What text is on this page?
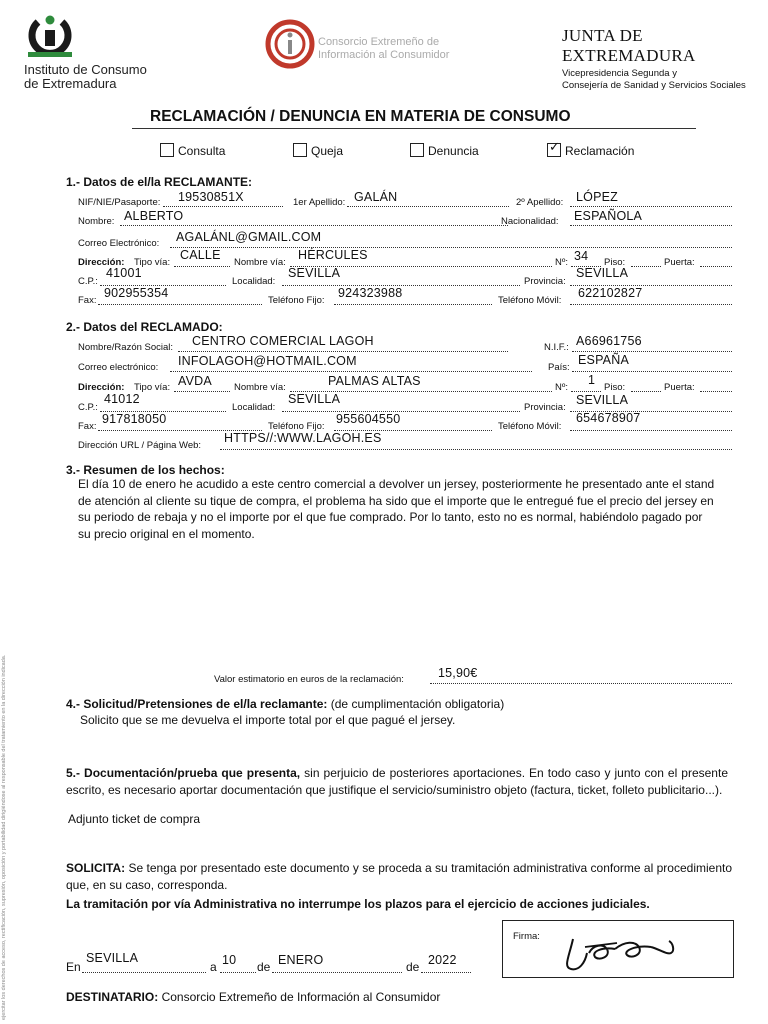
ejercitar los derechos de acceso, rectificación, supresión, oposición y portabilidad dirigiéndose al responsable del tratamiento en la dirección indicada.
Instituto de Consumo
de Extremadura
Consorcio Extremeño de
Información al Consumidor
JUNTA DE EXTREMADURA
Vicepresidencia Segunda y
Consejería de Sanidad y Servicios Sociales
RECLAMACIÓN / DENUNCIA EN MATERIA DE CONSUMO
Consulta	Queja	Denuncia	✓ Reclamación
1.- Datos de el/la RECLAMANTE:
NIF/NIE/Pasaporte: 19530851X	1er Apellido: GALÁN	2º Apellido: LÓPEZ
Nombre: ALBERTO	Nacionalidad: ESPAÑOLA
Correo Electrónico: AGALÁNL@GMAIL.COM
Dirección: Tipo vía:
CALLE
Nombre vía:
HÉRCULES
Nº: 34 Piso:	Puerta:
C.P.:
41001
Localidad:
SEVILLA
Provincia:
SEVILLA
Fax:
902955354
Teléfono Fijo:
924323988
Teléfono Móvil:
622102827
2.- Datos del RECLAMADO:
Nombre/Razón Social: CENTRO COMERCIAL LAGOH	N.I.F.: A66961756
Correo electrónico: INFOLAGOH@HOTMAIL.COM	País:
ESPAÑA
Dirección: Tipo vía: AVDA Nombre vía:	PALMAS ALTAS	Nº:
1
Piso:	Puerta:
C.P.:
41012
Localidad:
SEVILLA
Provincia:
SEVILLA
Fax:
917818050
Teléfono Fijo:
955604550
Teléfono Móvil:
654678907
Dirección URL / Página Web:
HTTPS//:WWW.LAGOH.ES
3.- Resumen de los hechos:
El día 10 de enero he acudido a este centro comercial a devolver un jersey, posteriormente he presentado ante el stand de atención al cliente su tique de compra, el problema ha sido que el importe que le entregué fue el precio del jersey en su periodo de rebaja y no el importe por el que fue comprado. Por lo tanto, esto no es normal, habiéndolo pagado por su precio original en el momento.
Valor estimatorio en euros de la reclamación:	15,90€
4.- Solicitud/Pretensiones de el/la reclamante: (de cumplimentación obligatoria)
Solicito que se me devuelva el importe total por el que pagué el jersey.
5.- Documentación/prueba que presenta, sin perjuicio de posteriores aportaciones. En todo caso y junto con el presente escrito, es necesario aportar documentación que justifique el servicio/suministro objeto (factura, ticket, folleto publicitario...).
Adjunto ticket de compra
SOLICITA: Se tenga por presentado este documento y se proceda a su tramitación administrativa conforme al procedimiento que, en su caso, corresponda.
La tramitación por vía Administrativa no interrumpe los plazos para el ejercicio de acciones judiciales.
Firma:
En
SEVILLA
a 10 de ENERO	de 2022
DESTINATARIO: Consorcio Extremeño de Información al Consumidor
